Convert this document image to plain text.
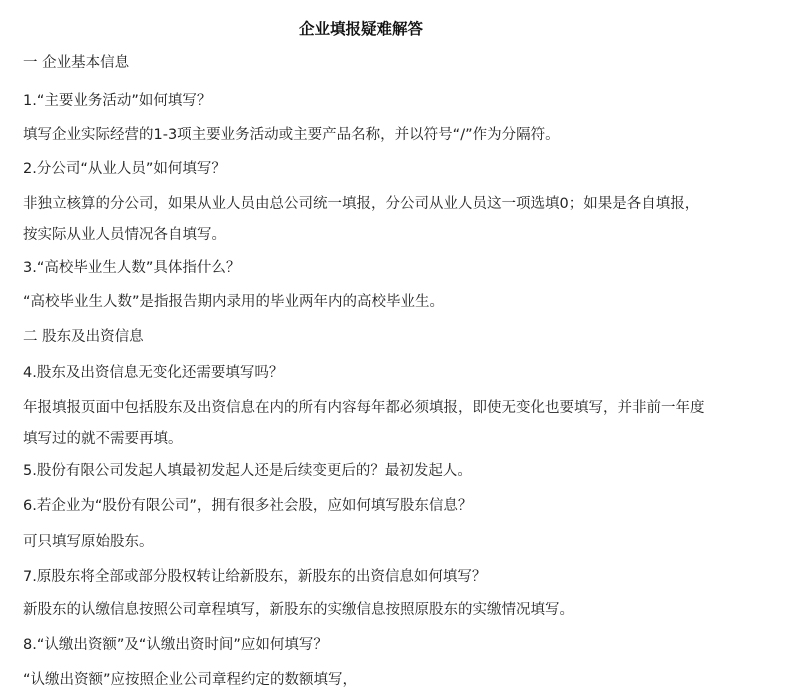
企业填报疑难解答
一 企业基本信息
1.“主要业务活动”如何填写？
填写企业实际经营的1-3项主要业务活动或主要产品名称，并以符号“/”作为分隔符。
2.分公司“从业人员”如何填写？
非独立核算的分公司，如果从业人员由总公司统一填报，分公司从业人员这一项选填0；如果是各自填报，按实际从业人员情况各自填写。
3.“高校毕业生人数”具体指什么？
“高校毕业生人数”是指报告期内录用的毕业两年内的高校毕业生。
二 股东及出资信息
4.股东及出资信息无变化还需要填写吗？
年报填报页面中包括股东及出资信息在内的所有内容每年都必须填报，即使无变化也要填写，并非前一年度填写过的就不需要再填。
5.股份有限公司发起人填最初发起人还是后续变更后的？最初发起人。
6.若企业为“股份有限公司”，拥有很多社会股，应如何填写股东信息？
可只填写原始股东。
7.原股东将全部或部分股权转让给新股东，新股东的出资信息如何填写？
新股东的认缴信息按照公司章程填写，新股东的实缴信息按照原股东的实缴情况填写。
8.“认缴出资额”及“认缴出资时间”应如何填写？
“认缴出资额”应按照企业公司章程约定的数额填写，
